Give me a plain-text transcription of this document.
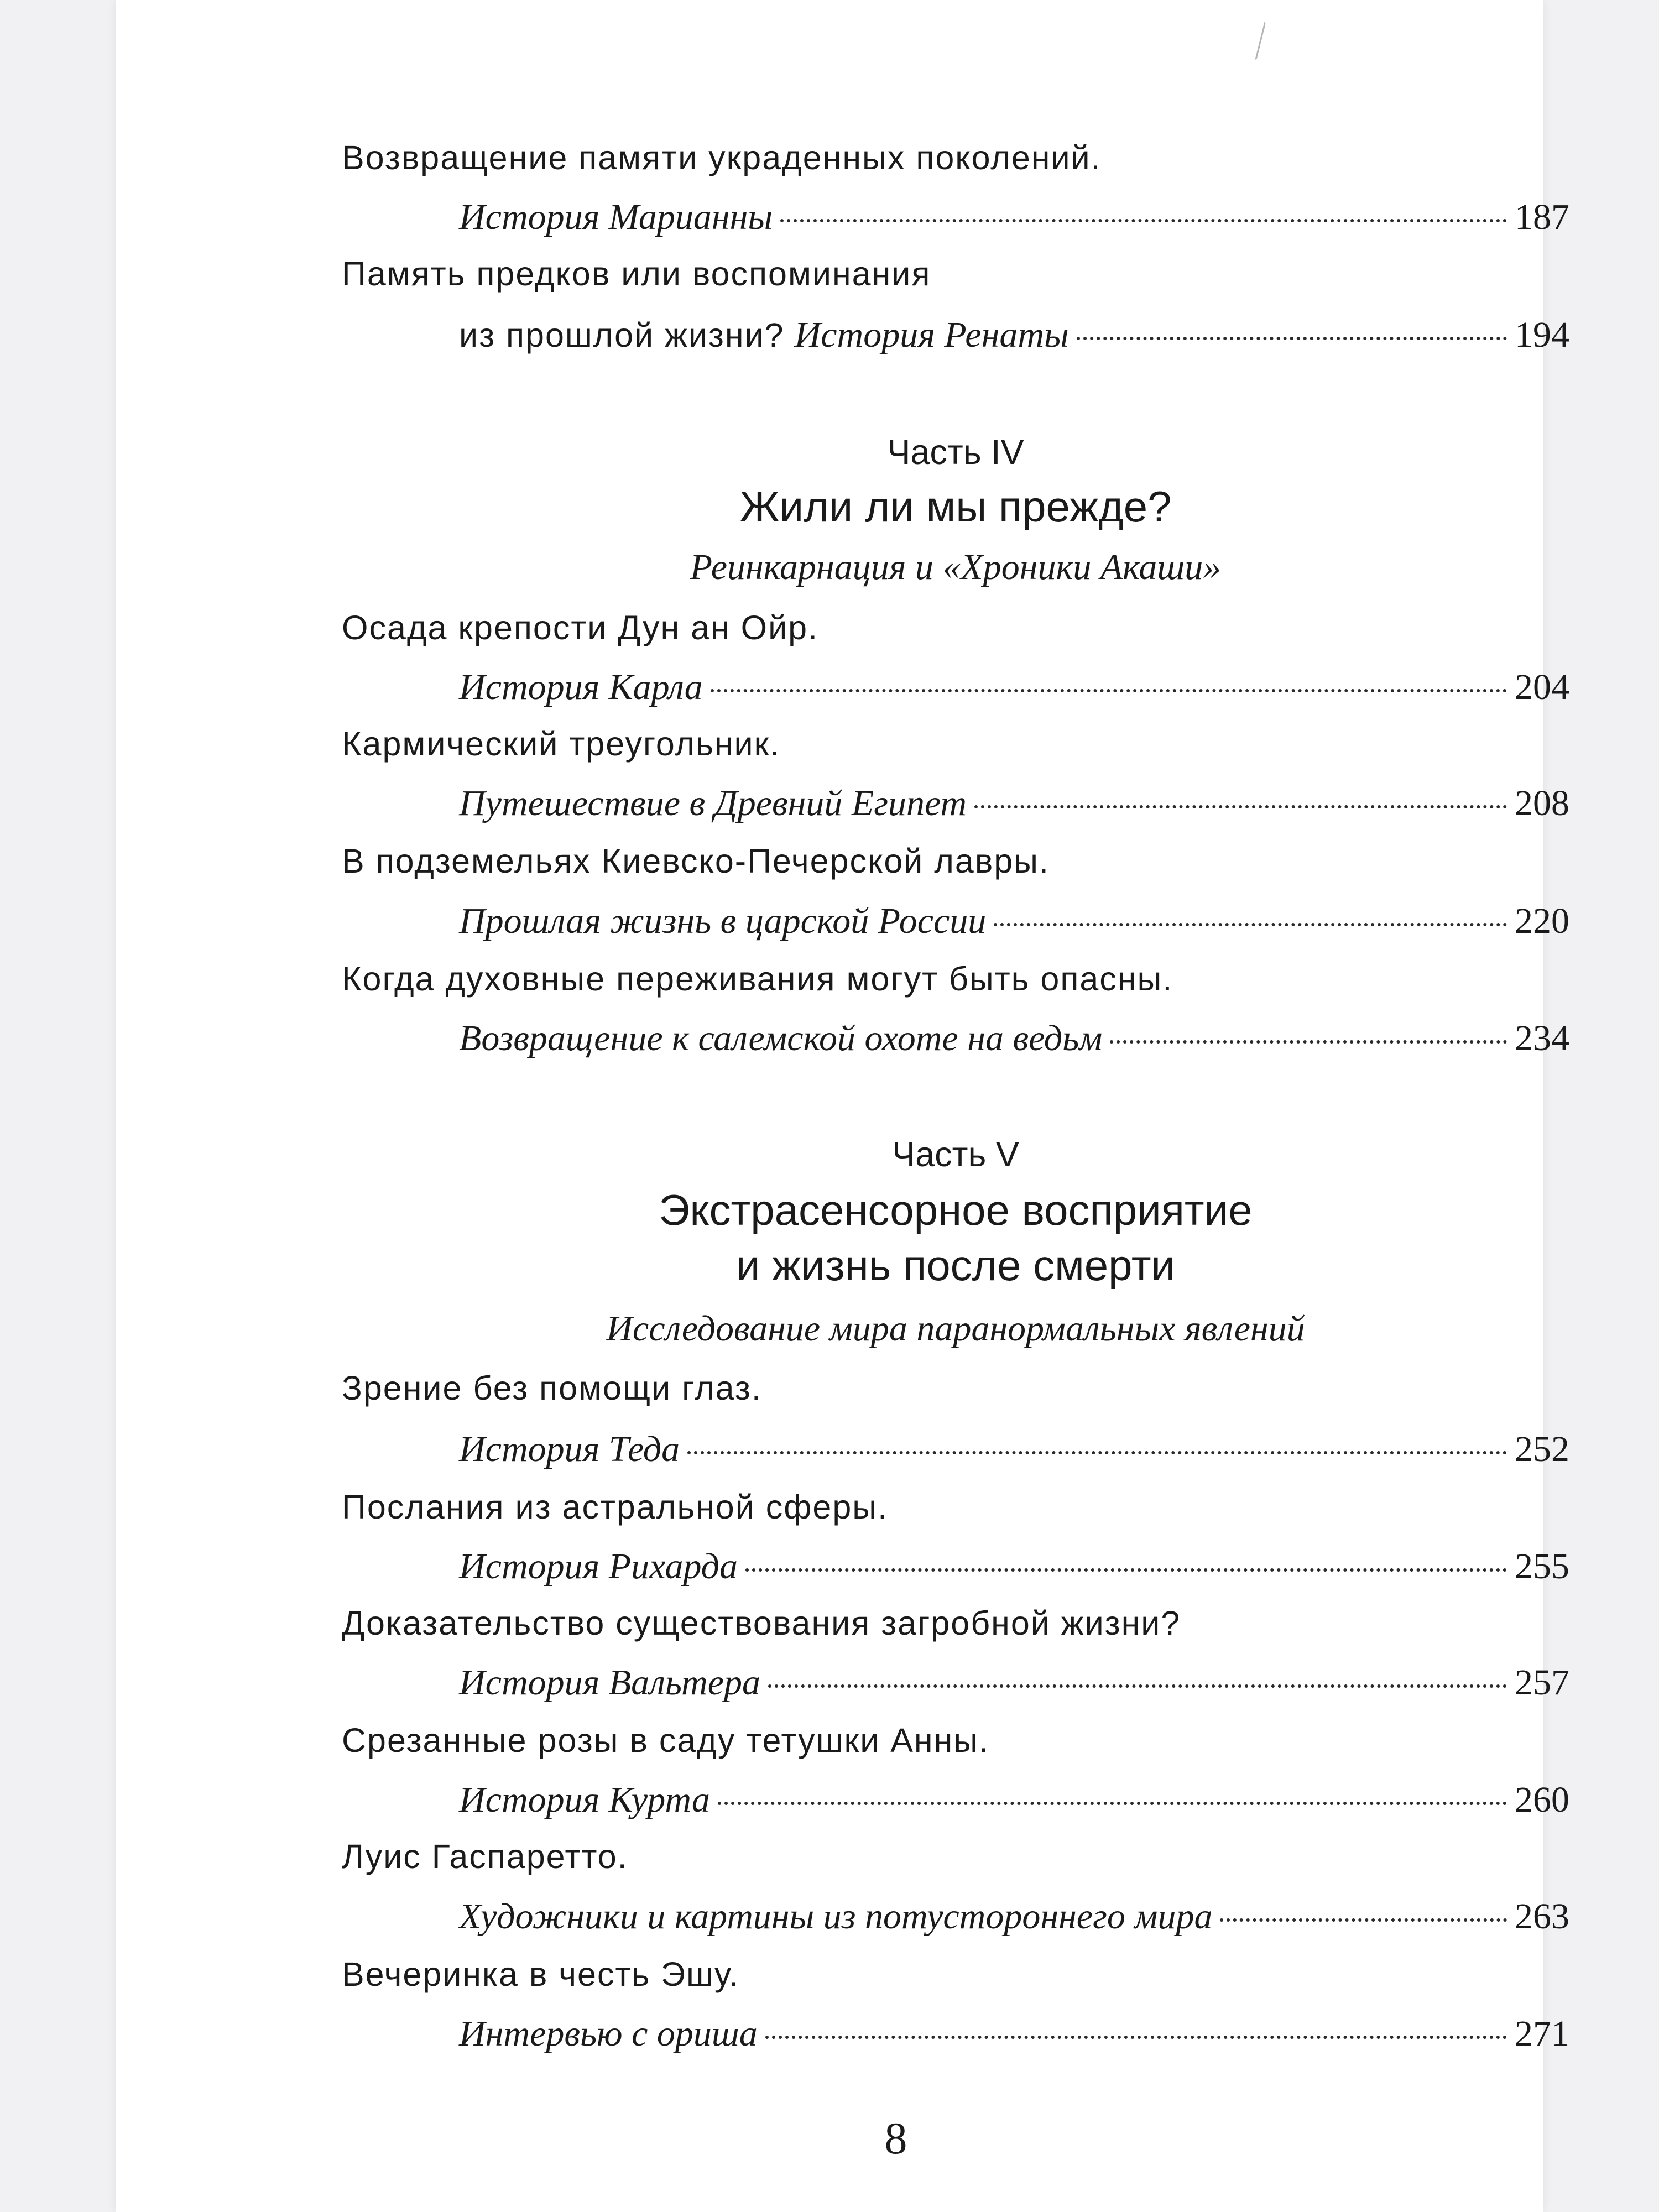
Возвращение памяти украденных поколений.
История Марианны	187
Память предков или воспоминания
из прошлой жизни? История Ренаты	194
Часть IV
Жили ли мы прежде?
Реинкарнация и «Хроники Акаши»
Осада крепости Дун ан Ойр.
История Карла	204
Кармический треугольник.
Путешествие в Древний Египет	208
В подземельях Киевско-Печерской лавры.
Прошлая жизнь в царской России	220
Когда духовные переживания могут быть опасны.
Возвращение к салемской охоте на ведьм	234
Часть V
Экстрасенсорное восприятие
и жизнь после смерти
Исследование мира паранормальных явлений
Зрение без помощи глаз.
История Теда	252
Послания из астральной сферы.
История Рихарда	255
Доказательство существования загробной жизни?
История Вальтера	257
Срезанные розы в саду тетушки Анны.
История Курта	260
Луис Гаспаретто.
Художники и картины из потустороннего мира	263
Вечеринка в честь Эшу.
Интервью с ориша	271
8
